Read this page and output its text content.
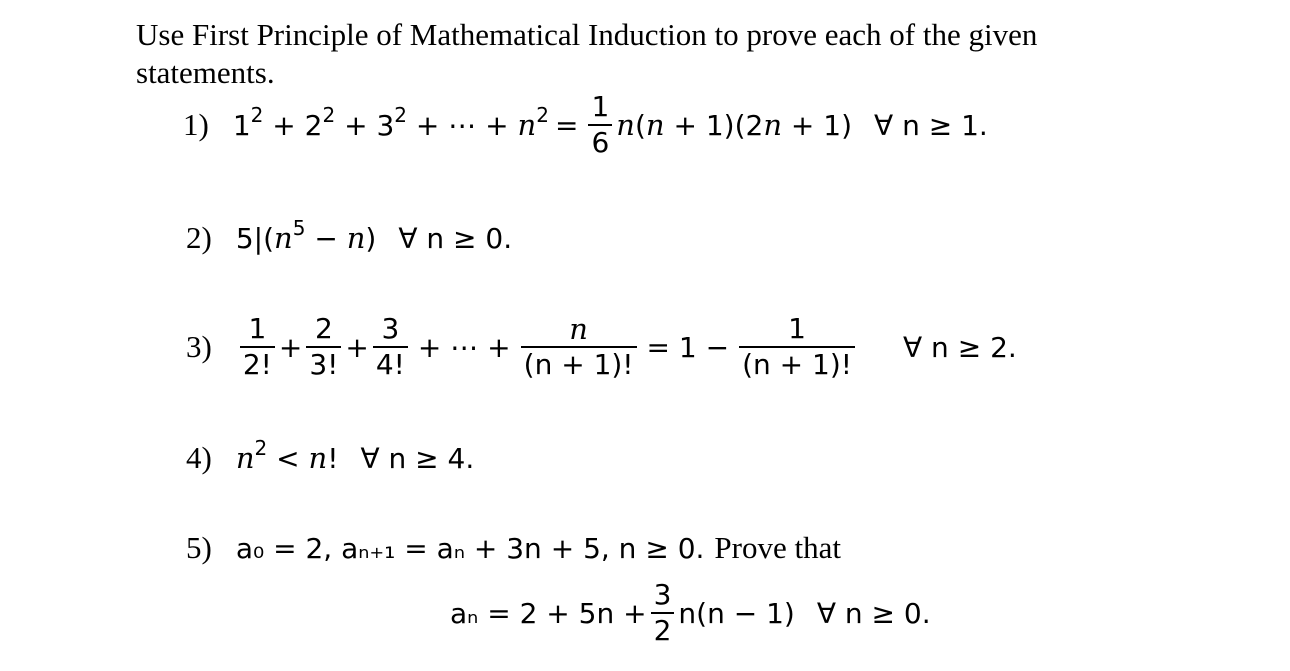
Use First Principle of Mathematical Induction to prove each of the given statements.
1) $1^2 + 2^2 + 3^2$ + ⋯ + $n^2 = \frac{1}{6} n(n + 1)(2n + 1)$ ∀ n ≥ 1.
2) $5|(n^5 - n)$ ∀ n ≥ 0.
$3) \frac{1}{2!} + \frac{2}{3!} + \frac{3}{4!}$ + ⋯ + $\frac{n}{(n + 1)!} = 1 - \frac{1}{(n + 1)!}$ ∀ n ≥ 2.
4) $n^2 < n$! ∀ n ≥ 4.
5) a₀ = 2, aₙ₊₁ = aₙ + 3n + 5, n ≥ 0. Prove that
$a_n = 2 + 5n + \frac{3}{2} n(n - 1)$ ∀ n ≥ 0.
